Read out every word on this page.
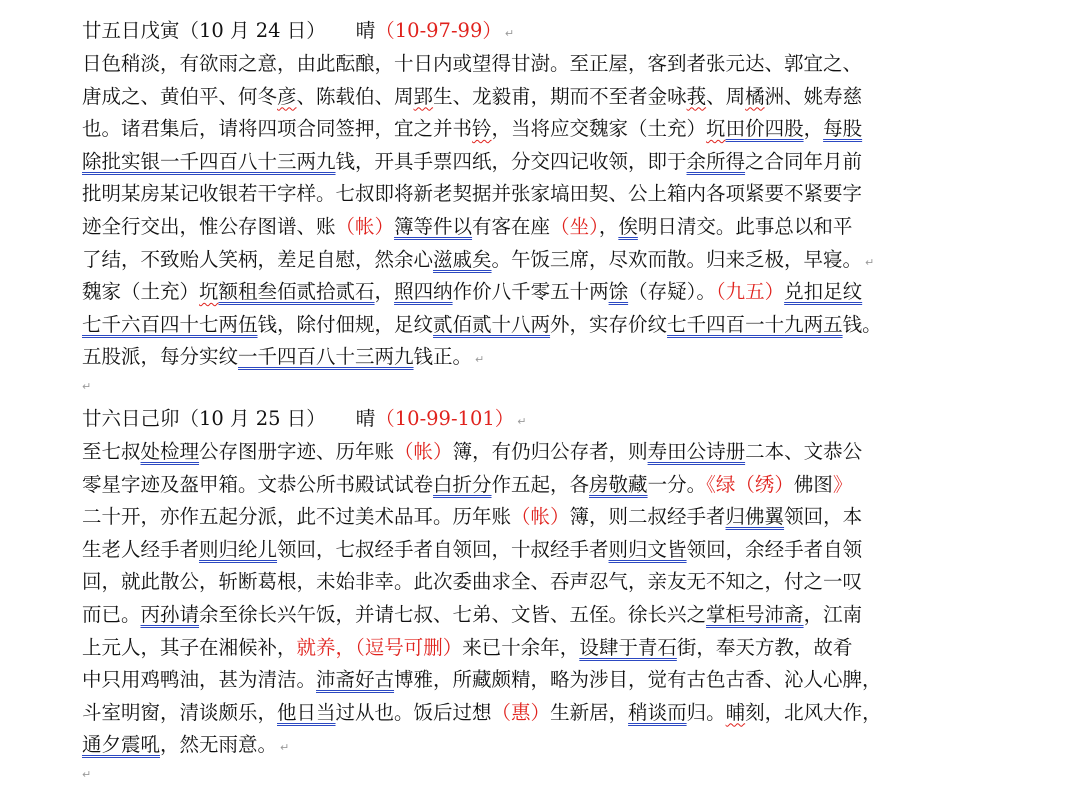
廿五日戊寅（10 月 24 日） 晴（10-97-99） ↵
日色稍淡，有欲雨之意，由此酝酿，十日内或望得甘澍。至正屋，客到者张元达、郭宜之、
唐成之、黄伯平、何冬彦、陈载伯、周郢生、龙毅甫，期而不至者金咏莪、周橘洲、姚寿慈
也。诸君集后，请将四项合同签押，宜之并书钤，当将应交魏家（土充）坈田价四股，每股
除批实银一千四百八十三两九钱，开具手票四纸，分交四记收领，即于余所得之合同年月前
批明某房某记收银若干字样。七叔即将新老契据并张家塙田契、公上箱内各项紧要不紧要字
迹全行交出，惟公存图谱、账（帐）簿等件以有客在座（坐），俟明日清交。此事总以和平
了结，不致贻人笑柄，差足自慰，然余心滋戚矣。午饭三席，尽欢而散。归来乏极，早寝。 ↵
魏家（土充）坈额租叁佰贰拾贰石，照四纳作价八千零五十两馀（存疑）。（九五）兑扣足纹
七千六百四十七两伍钱，除付佃规，足纹贰佰贰十八两外，实存价纹七千四百一十九两五钱。
五股派，每分实纹一千四百八十三两九钱正。 ↵
↵
廿六日己卯（10 月 25 日） 晴（10-99-101） ↵
至七叔处检理公存图册字迹、历年账（帐）簿，有仍归公存者，则寿田公诗册二本、文恭公
零星字迹及盔甲箱。文恭公所书殿试试卷白折分作五起，各房敬藏一分。《绿（绣）佛图》
二十开，亦作五起分派，此不过美术品耳。历年账（帐）簿，则二叔经手者归佛翼领回，本
生老人经手者则归纶儿领回，七叔经手者自领回，十叔经手者则归文皆领回，余经手者自领
回，就此散公，斩断葛根，未始非幸。此次委曲求全、吞声忍气，亲友无不知之，付之一叹
而已。丙孙请余至徐长兴午饭，并请七叔、七弟、文皆、五侄。徐长兴之掌柜号沛斋，江南
上元人，其子在湘候补，就养，（逗号可删）来已十余年，设肆于青石街，奉天方教，故肴
中只用鸡鸭油，甚为清洁。沛斋好古博雅，所藏颇精，略为涉目，觉有古色古香、沁人心脾，
斗室明窗，清谈颇乐，他日当过从也。饭后过想（惠）生新居，稍谈而归。晡刻，北风大作，
通夕震吼，然无雨意。 ↵
↵
